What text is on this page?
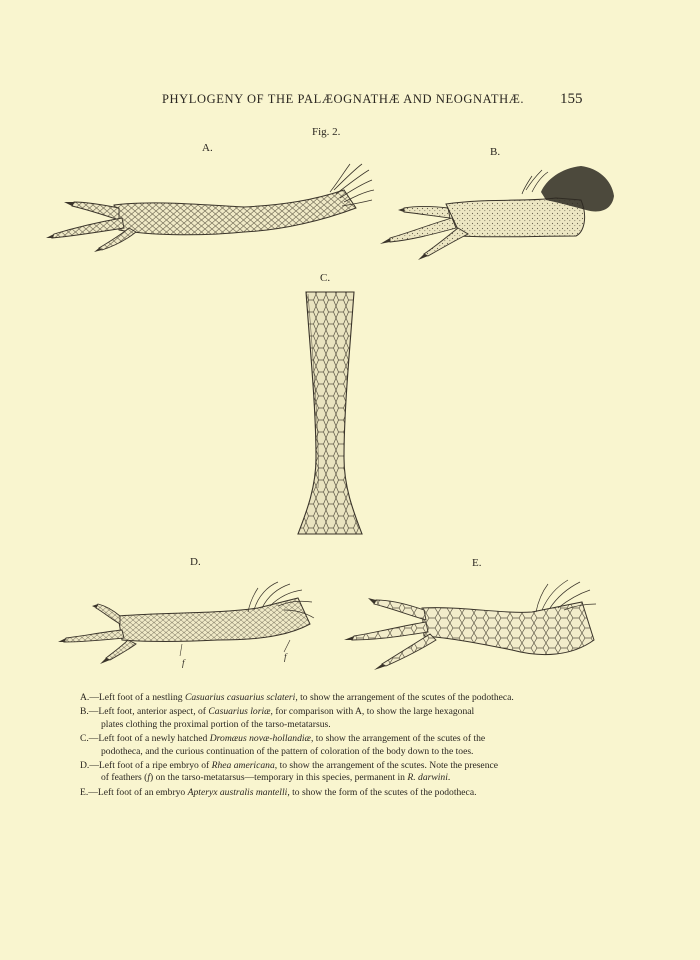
PHYLOGENY OF THE PALÆOGNATHÆ AND NEOGNATHÆ. 155
Fig. 2.
A.	B.
C.
D.	E.
f
f

A.—Left foot of a nestling Casuarius casuarius sclateri, to show the arrangement of the scutes of the podotheca.

B.—Left foot, anterior aspect, of Casuarius loriæ, for comparison with A, to show the large hexagonal
plates clothing the proximal portion of the tarso-metatarsus.

C.—Left foot of a newly hatched Dromæus novæ-hollandiæ, to show the arrangement of the scutes of the
podotheca, and the curious continuation of the pattern of coloration of the body down to the toes.

D.—Left foot of a ripe embryo of Rhea americana, to show the arrangement of the scutes. Note the presence
of feathers (f) on the tarso-metatarsus—temporary in this species, permanent in R. darwini.

E.—Left foot of an embryo Apteryx australis mantelli, to show the form of the scutes of the podotheca.
